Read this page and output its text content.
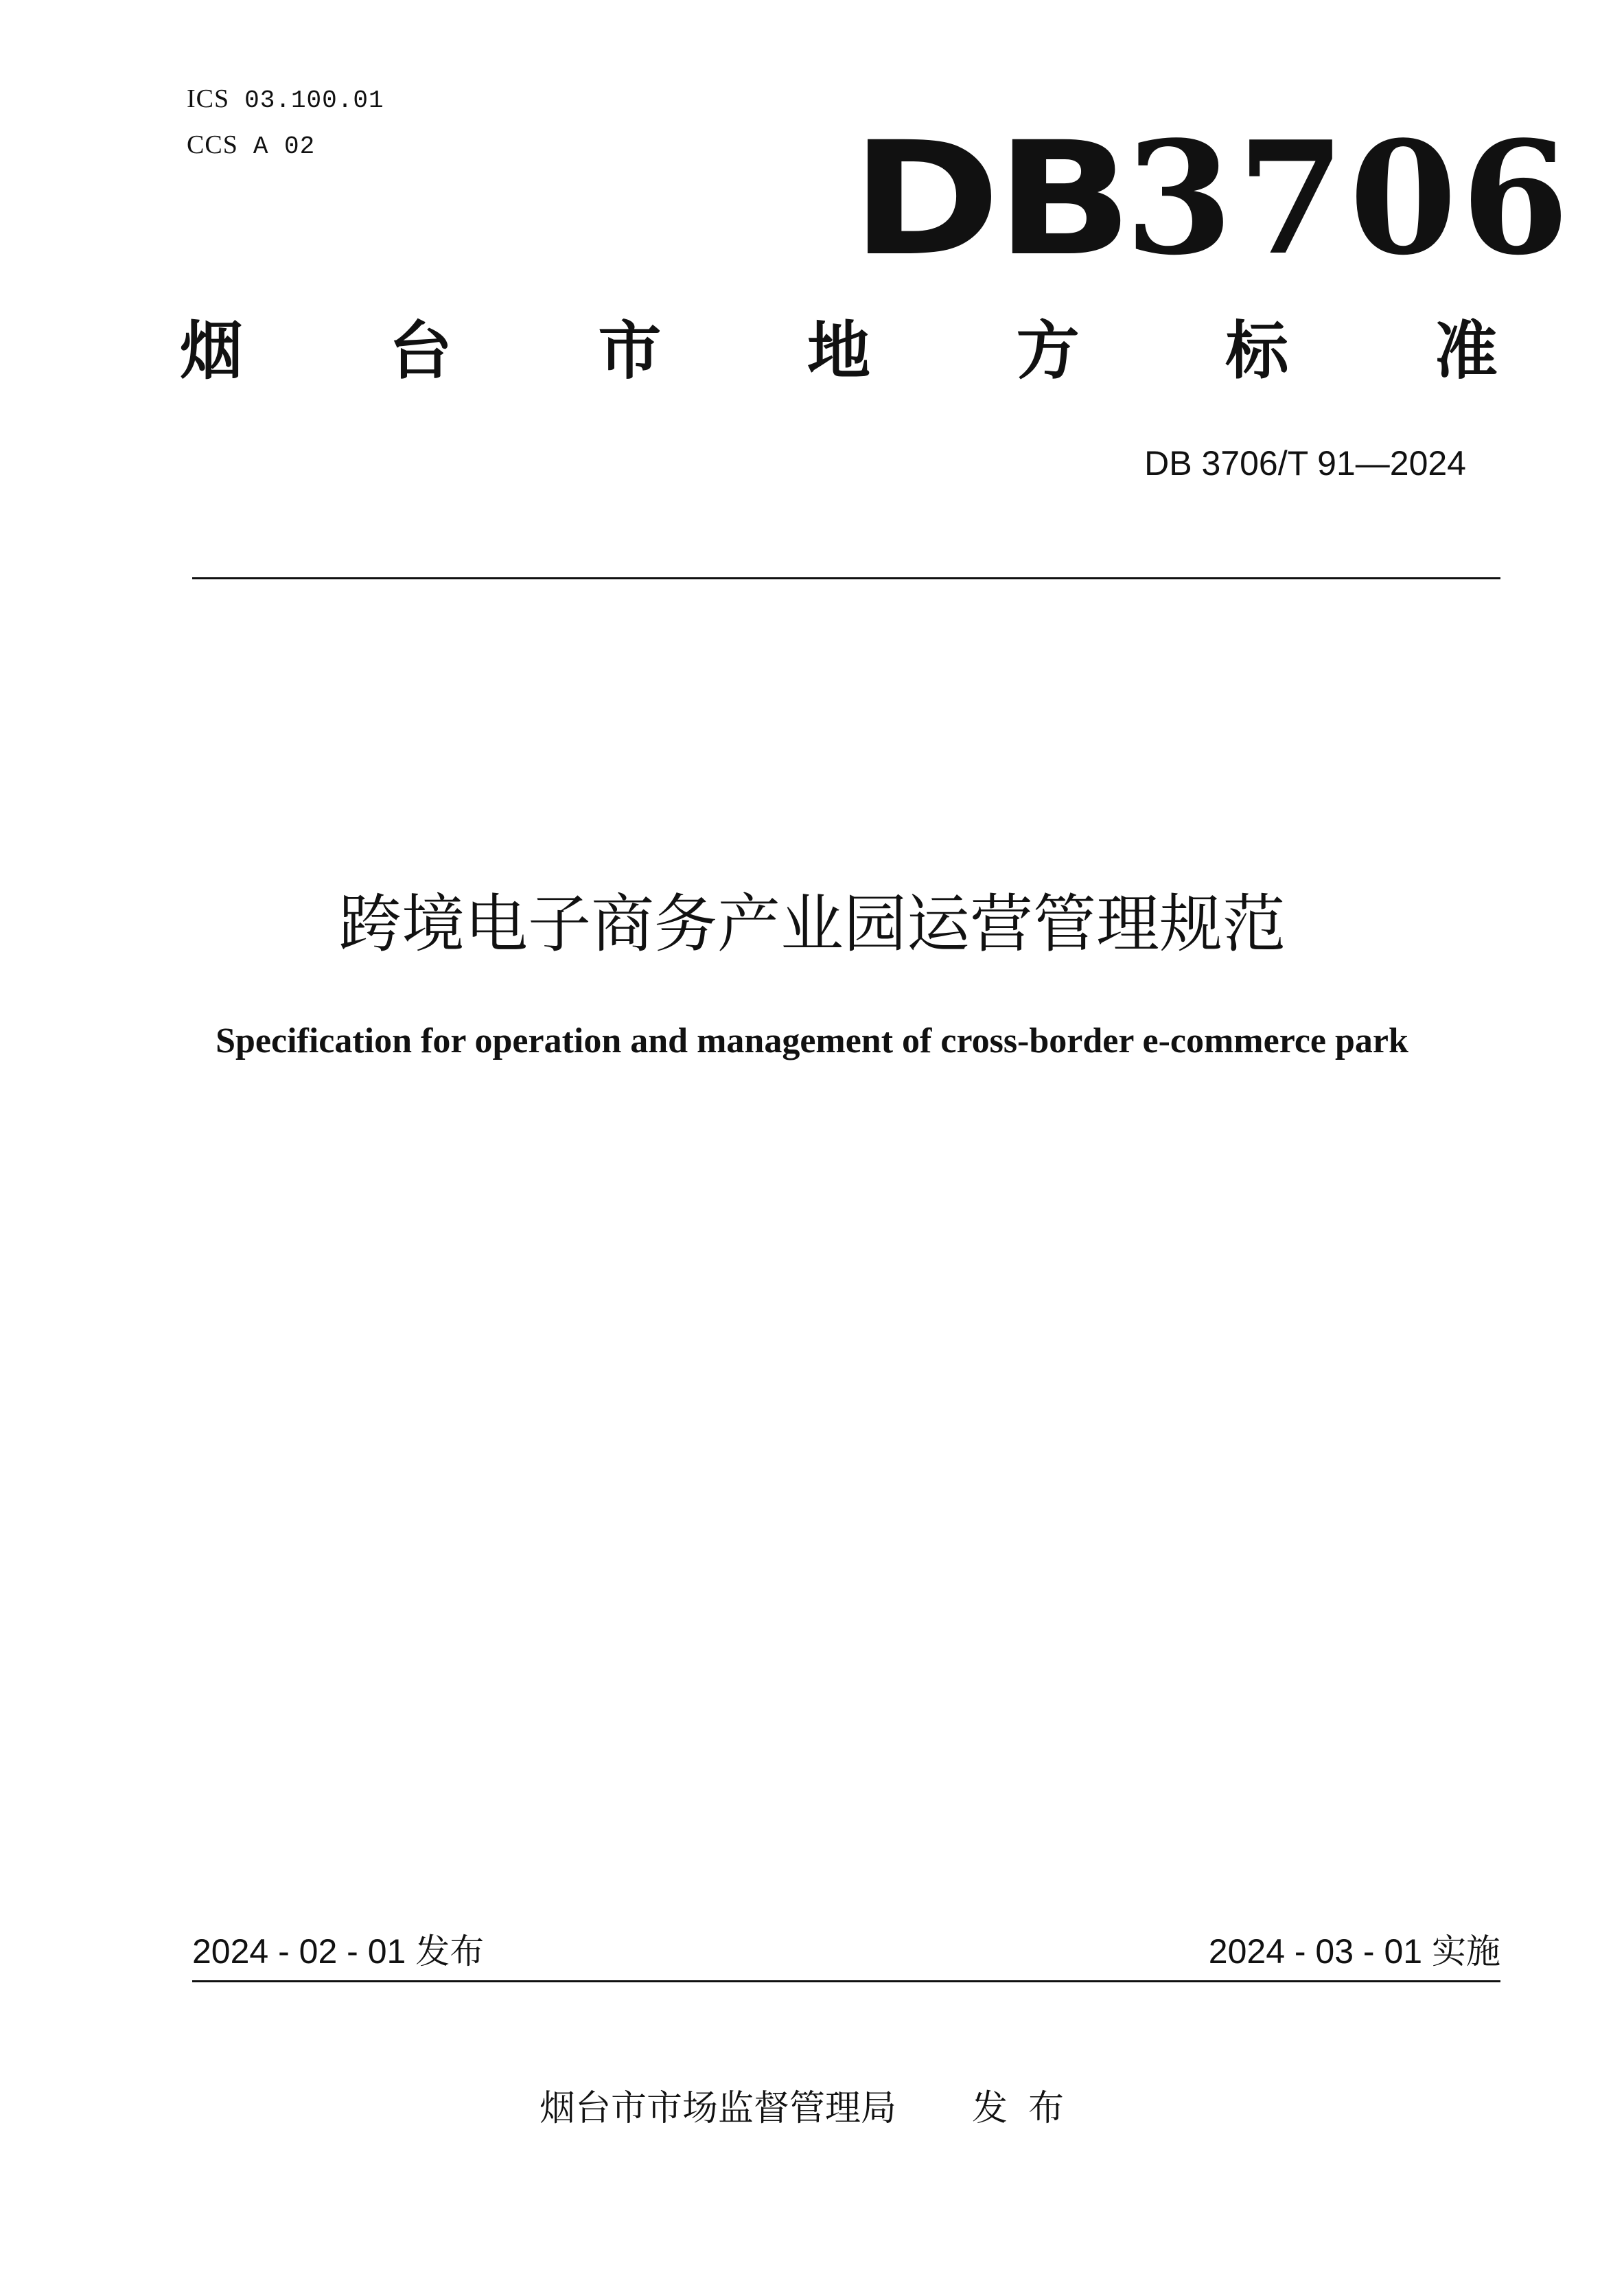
ICS 03.100.01
CCS A 02	DB
3706
烟 台 市 地 方 标 准
DB 3706/T 91—2024
跨境电子商务产业园运营管理规范
Specification for operation and management of cross-border e-commerce park
2024 - 02 - 01 发布	2024 - 03 - 01 实施
烟台市市场监督管理局 发布
